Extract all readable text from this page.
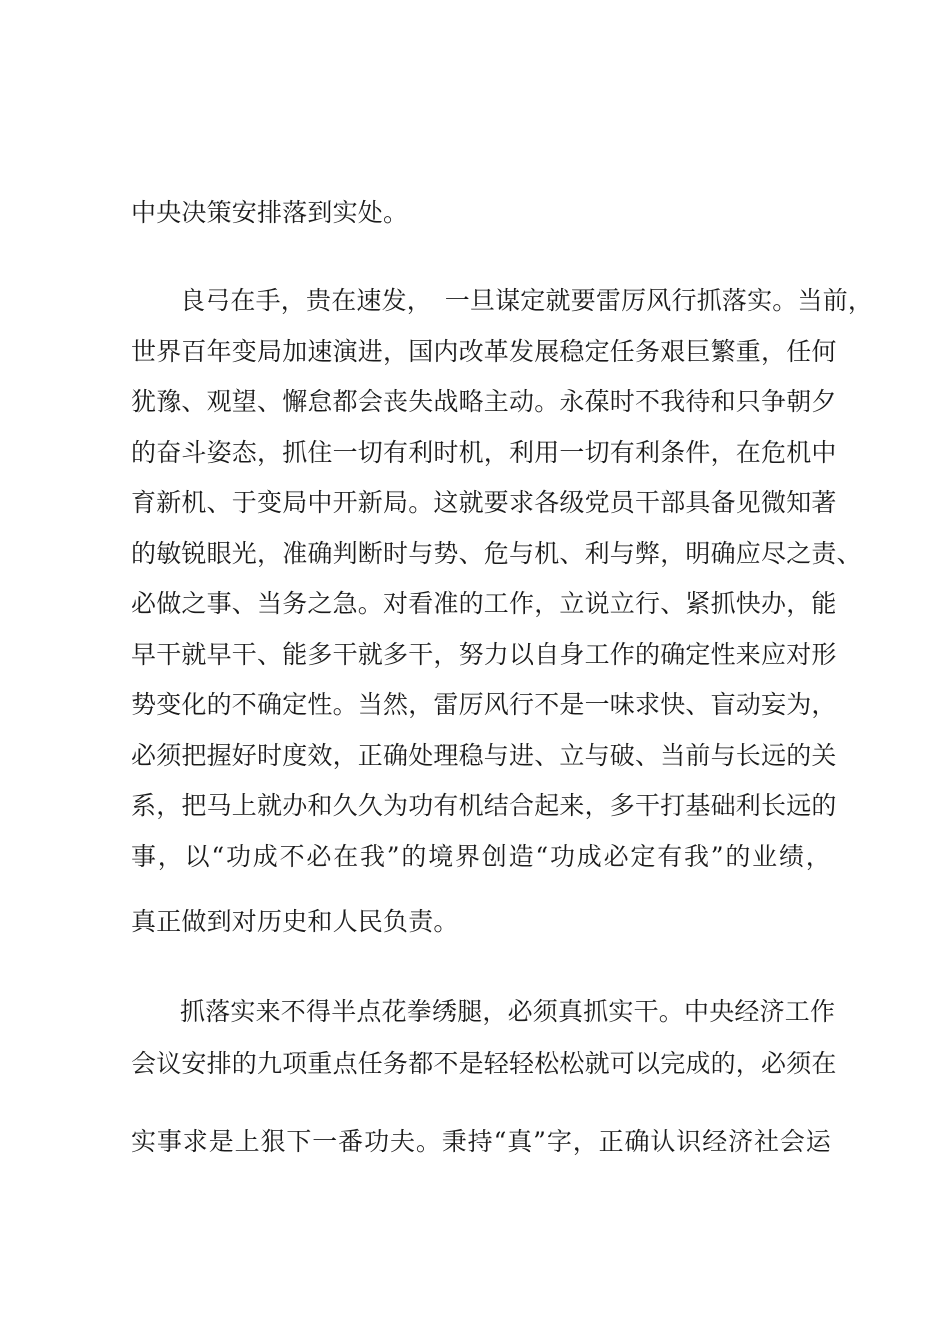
中央决策安排落到实处。
良弓在手，贵在速发，　一旦谋定就要雷厉风行抓落实。当前，
世界百年变局加速演进，国内改革发展稳定任务艰巨繁重，任何
犹豫、观望、懈怠都会丧失战略主动。永葆时不我待和只争朝夕
的奋斗姿态，抓住一切有利时机，利用一切有利条件，在危机中
育新机、于变局中开新局。这就要求各级党员干部具备见微知著
的敏锐眼光，准确判断时与势、危与机、利与弊，明确应尽之责、
必做之事、当务之急。对看准的工作，立说立行、紧抓快办，能
早干就早干、能多干就多干，努力以自身工作的确定性来应对形
势变化的不确定性。当然，雷厉风行不是一味求快、盲动妄为，
必须把握好时度效，正确处理稳与进、立与破、当前与长远的关
系，把马上就办和久久为功有机结合起来，多干打基础利长远的
事，以“功成不必在我”的境界创造“功成必定有我”的业绩，
真正做到对历史和人民负责。
抓落实来不得半点花拳绣腿，必须真抓实干。中央经济工作
会议安排的九项重点任务都不是轻轻松松就可以完成的，必须在
实事求是上狠下一番功夫。秉持“真”字，正确认识经济社会运
